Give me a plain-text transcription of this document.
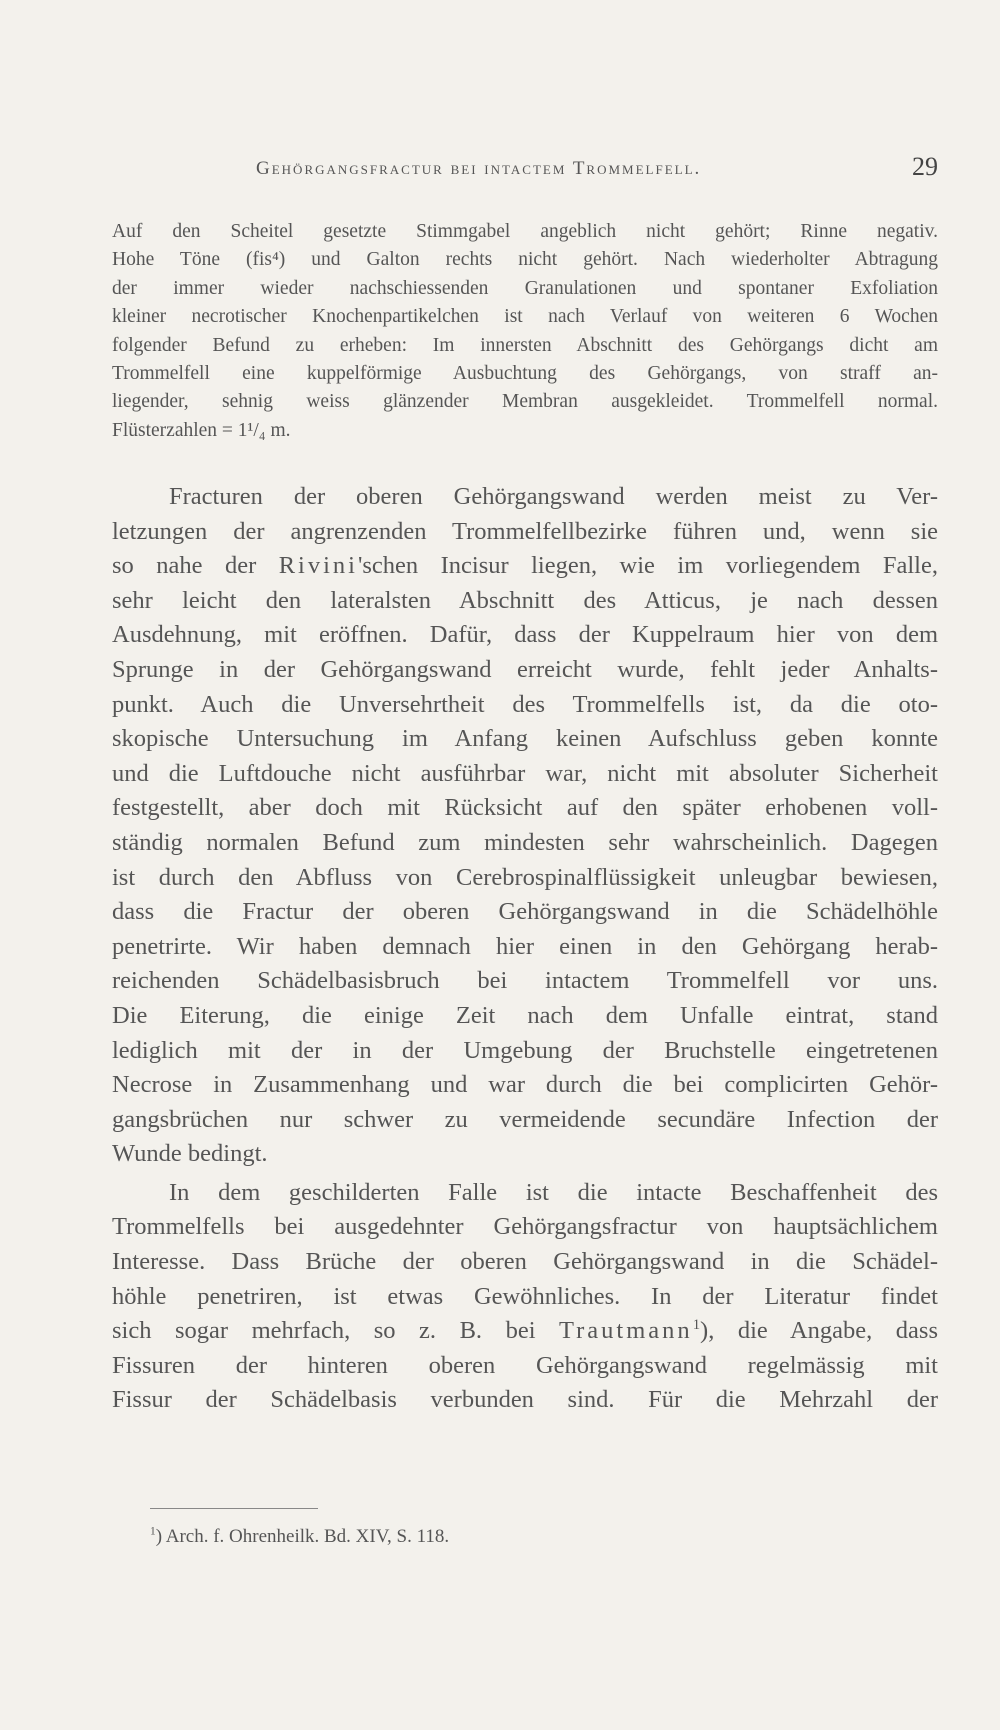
Gehörgangsfractur bei intactem Trommelfell.	29
Auf den Scheitel gesetzte Stimmgabel angeblich nicht gehört; Rinne negativ.
Hohe Töne (fis⁴) und Galton rechts nicht gehört. Nach wiederholter Abtragung
der immer wieder nachschiessenden Granulationen und spontaner Exfoliation
kleiner necrotischer Knochenpartikelchen ist nach Verlauf von weiteren 6 Wochen
folgender Befund zu erheben: Im innersten Abschnitt des Gehörgangs dicht am
Trommelfell eine kuppelförmige Ausbuchtung des Gehörgangs, von straff an-
liegender, sehnig weiss glänzender Membran ausgekleidet. Trommelfell normal.
Flüsterzahlen = 1¹/₄ m.
Fracturen der oberen Gehörgangswand werden meist zu Ver-
letzungen der angrenzenden Trommelfellbezirke führen und, wenn sie
so nahe der Rivini'schen Incisur liegen, wie im vorliegendem Falle,
sehr leicht den lateralsten Abschnitt des Atticus, je nach dessen
Ausdehnung, mit eröffnen. Dafür, dass der Kuppelraum hier von dem
Sprunge in der Gehörgangswand erreicht wurde, fehlt jeder Anhalts-
punkt. Auch die Unversehrtheit des Trommelfells ist, da die oto-
skopische Untersuchung im Anfang keinen Aufschluss geben konnte
und die Luftdouche nicht ausführbar war, nicht mit absoluter Sicherheit
festgestellt, aber doch mit Rücksicht auf den später erhobenen voll-
ständig normalen Befund zum mindesten sehr wahrscheinlich. Dagegen
ist durch den Abfluss von Cerebrospinalflüssigkeit unleugbar bewiesen,
dass die Fractur der oberen Gehörgangswand in die Schädelhöhle
penetrirte. Wir haben demnach hier einen in den Gehörgang herab-
reichenden Schädelbasisbruch bei intactem Trommelfell vor uns.
Die Eiterung, die einige Zeit nach dem Unfalle eintrat, stand
lediglich mit der in der Umgebung der Bruchstelle eingetretenen
Necrose in Zusammenhang und war durch die bei complicirten Gehör-
gangsbrüchen nur schwer zu vermeidende secundäre Infection der
Wunde bedingt.
In dem geschilderten Falle ist die intacte Beschaffenheit des
Trommelfells bei ausgedehnter Gehörgangsfractur von hauptsächlichem
Interesse. Dass Brüche der oberen Gehörgangswand in die Schädel-
höhle penetriren, ist etwas Gewöhnliches. In der Literatur findet
sich sogar mehrfach, so z. B. bei Trautmann$^1$), die Angabe, dass
Fissuren der hinteren oberen Gehörgangswand regelmässig mit
Fissur der Schädelbasis verbunden sind. Für die Mehrzahl der
$^1$) Arch. f. Ohrenheilk. Bd. XIV, S. 118.
